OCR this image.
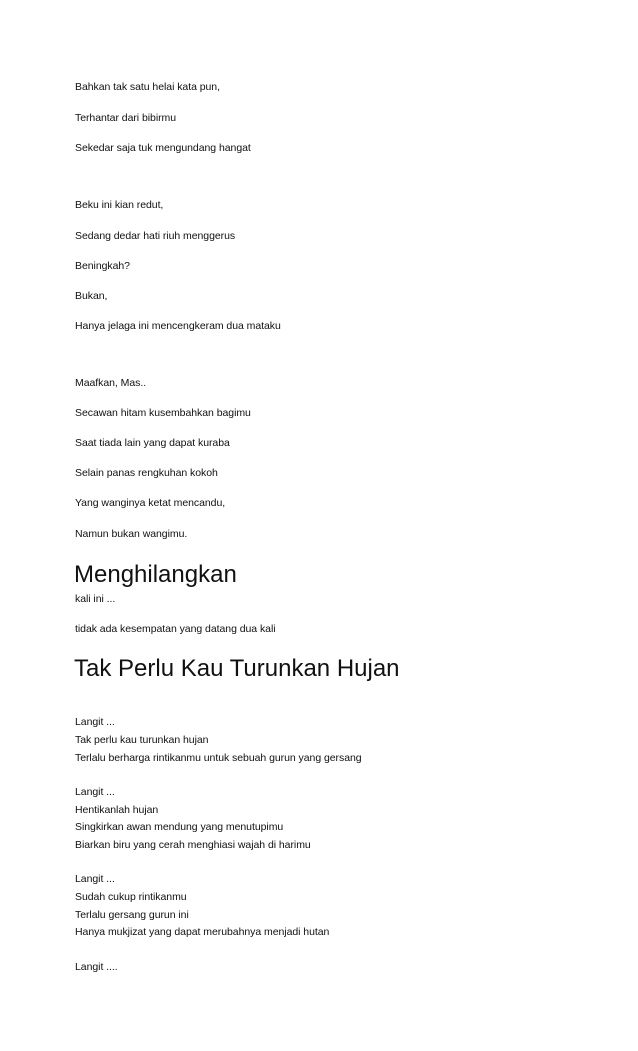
Bahkan tak satu helai kata pun,
Terhantar dari bibirmu
Sekedar saja tuk mengundang hangat
Beku ini kian redut,
Sedang dedar hati riuh menggerus
Beningkah?
Bukan,
Hanya jelaga ini mencengkeram dua mataku
Maafkan, Mas..
Secawan hitam kusembahkan bagimu
Saat tiada lain yang dapat kuraba
Selain panas rengkuhan kokoh
Yang wanginya ketat mencandu,
Namun bukan wangimu.
Menghilangkan
kali ini ...
tidak ada kesempatan yang datang dua kali
Tak Perlu Kau Turunkan Hujan
Langit ...
Tak perlu kau turunkan hujan
Terlalu berharga rintikanmu untuk sebuah gurun yang gersang
Langit ...
Hentikanlah hujan
Singkirkan awan mendung yang menutupimu
Biarkan biru yang cerah menghiasi wajah di harimu
Langit ...
Sudah cukup rintikanmu
Terlalu gersang gurun ini
Hanya mukjizat yang dapat merubahnya menjadi hutan
Langit ....
